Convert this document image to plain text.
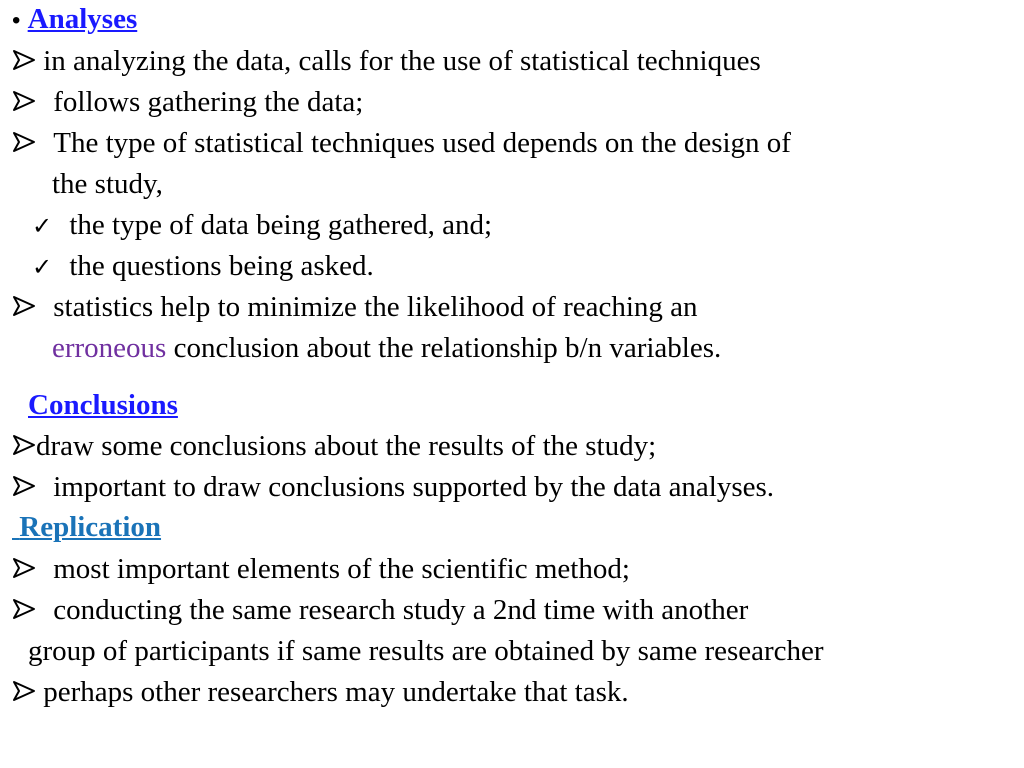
• Analyses
in analyzing the data, calls for the use of statistical techniques
follows gathering the data;
The type of statistical techniques used depends on the design of
the study,
✓ the type of data being gathered, and;
✓ the questions being asked.
statistics help to minimize the likelihood of reaching an
erroneous conclusion about the relationship b/n variables.
Conclusions
draw some conclusions about the results of the study;
important to draw conclusions supported by the data analyses.
Replication
most important elements of the scientific method;
conducting the same research study a 2nd time with another
group of participants if same results are obtained by same researcher
perhaps other researchers may undertake that task.
